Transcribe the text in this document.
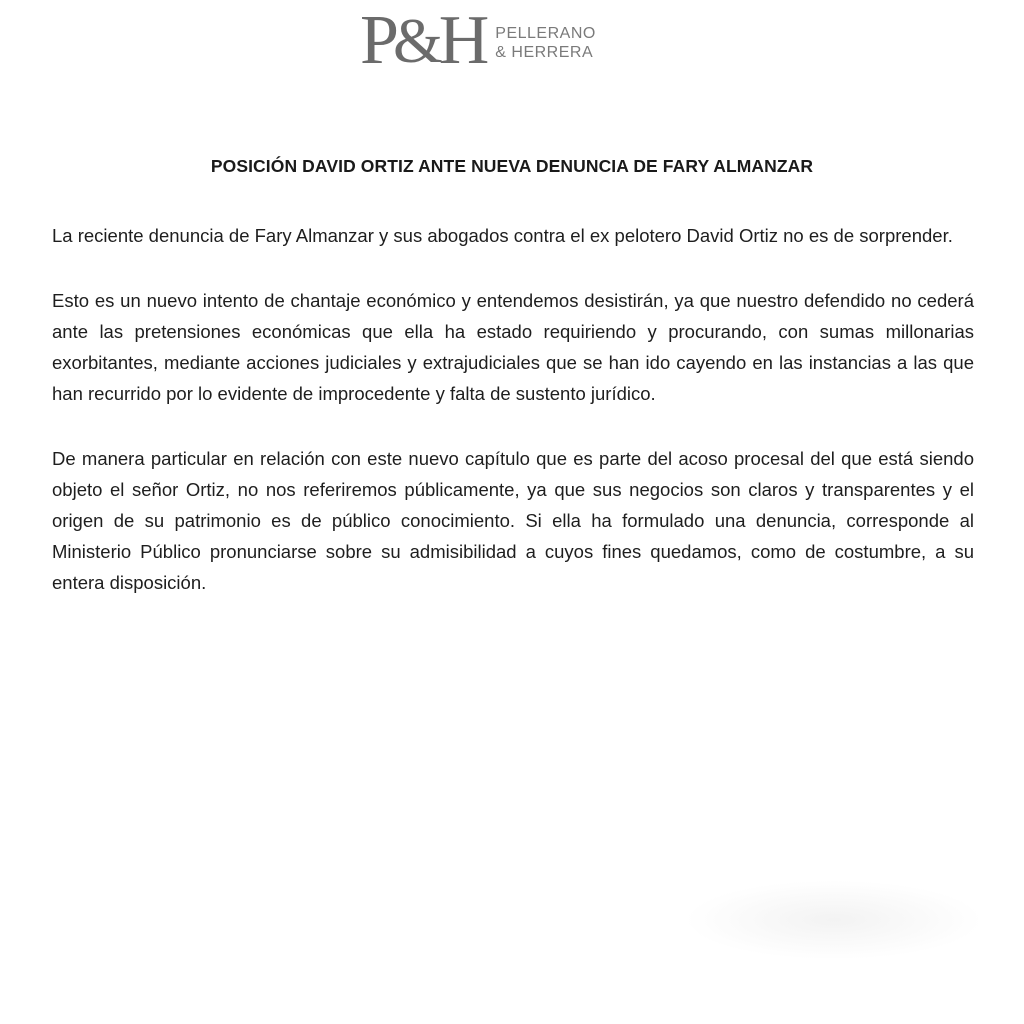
P & H PELLERANO
& HERRERA
POSICIÓN DAVID ORTIZ ANTE NUEVA DENUNCIA DE FARY ALMANZAR

La reciente denuncia de Fary Almanzar y sus abogados contra el ex pelotero David Ortiz no es de sorprender.

Esto es un nuevo intento de chantaje económico y entendemos desistirán, ya que nuestro defendido no cederá ante las pretensiones económicas que ella ha estado requiriendo y procurando, con sumas millonarias exorbitantes, mediante acciones judiciales y extrajudiciales que se han ido cayendo en las instancias a las que han recurrido por lo evidente de improcedente y falta de sustento jurídico.

De manera particular en relación con este nuevo capítulo que es parte del acoso procesal del que está siendo objeto el señor Ortiz, no nos referiremos públicamente, ya que sus negocios son claros y transparentes y el origen de su patrimonio es de público conocimiento. Si ella ha formulado una denuncia, corresponde al Ministerio Público pronunciarse sobre su admisibilidad a cuyos fines quedamos, como de costumbre, a su entera disposición.
